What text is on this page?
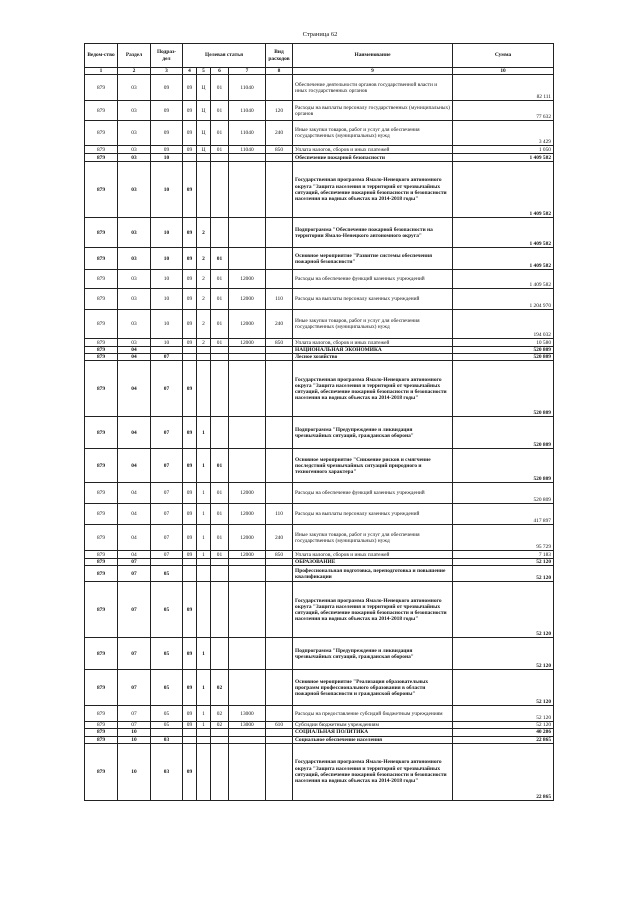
Страница 62
Ведом-ство	Раздел	Подраз-дел	Целевая статья				Вид расходов	Наименование	Сумма
1	2	3	4	5	6	7	8	9	10
879	03	09	09	Ц	01	11040		Обеспечение деятельности органов государственной власти и иных государственных органов	82 111
879	03	09	09	Ц	01	11040	120	Расходы на выплаты персоналу государственных (муниципальных) органов	77 632
879	03	09	09	Ц	01	11040	240	Иные закупки товаров, работ и услуг для обеспечения государственных (муниципальных) нужд	3 429
879	03	09	09	Ц	01	11040	850	Уплата налогов, сборов и иных платежей	1 050
879	03	10						Обеспечение пожарной безопасности	1 409 582
879	03	10	09					Государственная программа Ямало-Ненецкого автономного округа "Защита населения и территорий от чрезвычайных ситуаций, обеспечение пожарной безопасности и безопасности населения на водных объектах на 2014-2018 годы"	1 409 582
879	03	10	09	2				Подпрограмма "Обеспечение пожарной безопасности на территории Ямало-Ненецкого автономного округа"	1 409 582
879	03	10	09	2	01			Основное мероприятие "Развитие системы обеспечения пожарной безопасности"	1 409 582
879	03	10	09	2	01	12000		Расходы на обеспечение функций казенных учреждений	1 409 582
879	03	10	09	2	01	12000	110	Расходы на выплаты персоналу казенных учреждений	1 204 970
879	03	10	09	2	01	12000	240	Иные закупки товаров, работ и услуг для обеспечения государственных (муниципальных) нужд	194 032
879	03	10	09	2	01	12000	850	Уплата налогов, сборов и иных платежей	10 580
879	04							НАЦИОНАЛЬНАЯ ЭКОНОМИКА	520 809
879	04	07						Лесное хозяйство	520 809
879	04	07	09					Государственная программа Ямало-Ненецкого автономного округа "Защита населения и территорий от чрезвычайных ситуаций, обеспечение пожарной безопасности и безопасности населения на водных объектах на 2014-2018 годы"	520 809
879	04	07	09	1				Подпрограмма "Предупреждение и ликвидация чрезвычайных ситуаций, гражданская оборона"	520 809
879	04	07	09	1	01			Основное мероприятие "Снижение рисков и смягчение последствий чрезвычайных ситуаций природного и техногенного характера"	520 809
879	04	07	09	1	01	12000		Расходы на обеспечение функций казенных учреждений	520 809
879	04	07	09	1	01	12000	110	Расходы на выплаты персоналу казенных учреждений	417 897
879	04	07	09	1	01	12000	240	Иные закупки товаров, работ и услуг для обеспечения государственных (муниципальных) нужд	95 729
879	04	07	09	1	01	12000	850	Уплата налогов, сборов и иных платежей	7 183
879	07							ОБРАЗОВАНИЕ	52 120
879	07	05						Профессиональная подготовка, переподготовка и повышение квалификации	52 120
879	07	05	09					Государственная программа Ямало-Ненецкого автономного округа "Защита населения и территорий от чрезвычайных ситуаций, обеспечение пожарной безопасности и безопасности населения на водных объектах на 2014-2018 годы"	52 120
879	07	05	09	1				Подпрограмма "Предупреждение и ликвидация чрезвычайных ситуаций, гражданская оборона"	52 120
879	07	05	09	1	02			Основное мероприятие "Реализация образовательных программ профессионального образования в области пожарной безопасности и гражданской обороны"	52 120
879	07	05	09	1	02	13000		Расходы на предоставление субсидий бюджетным учреждениям	52 120
879	07	05	09	1	02	13000	610	Субсидии бюджетным учреждениям	52 120
879	10							СОЦИАЛЬНАЯ ПОЛИТИКА	40 286
879	10	03						Социальное обеспечение населения	22 865
879	10	03	09					Государственная программа Ямало-Ненецкого автономного округа "Защита населения и территорий от чрезвычайных ситуаций, обеспечение пожарной безопасности и безопасности населения на водных объектах на 2014-2018 годы"	22 865
